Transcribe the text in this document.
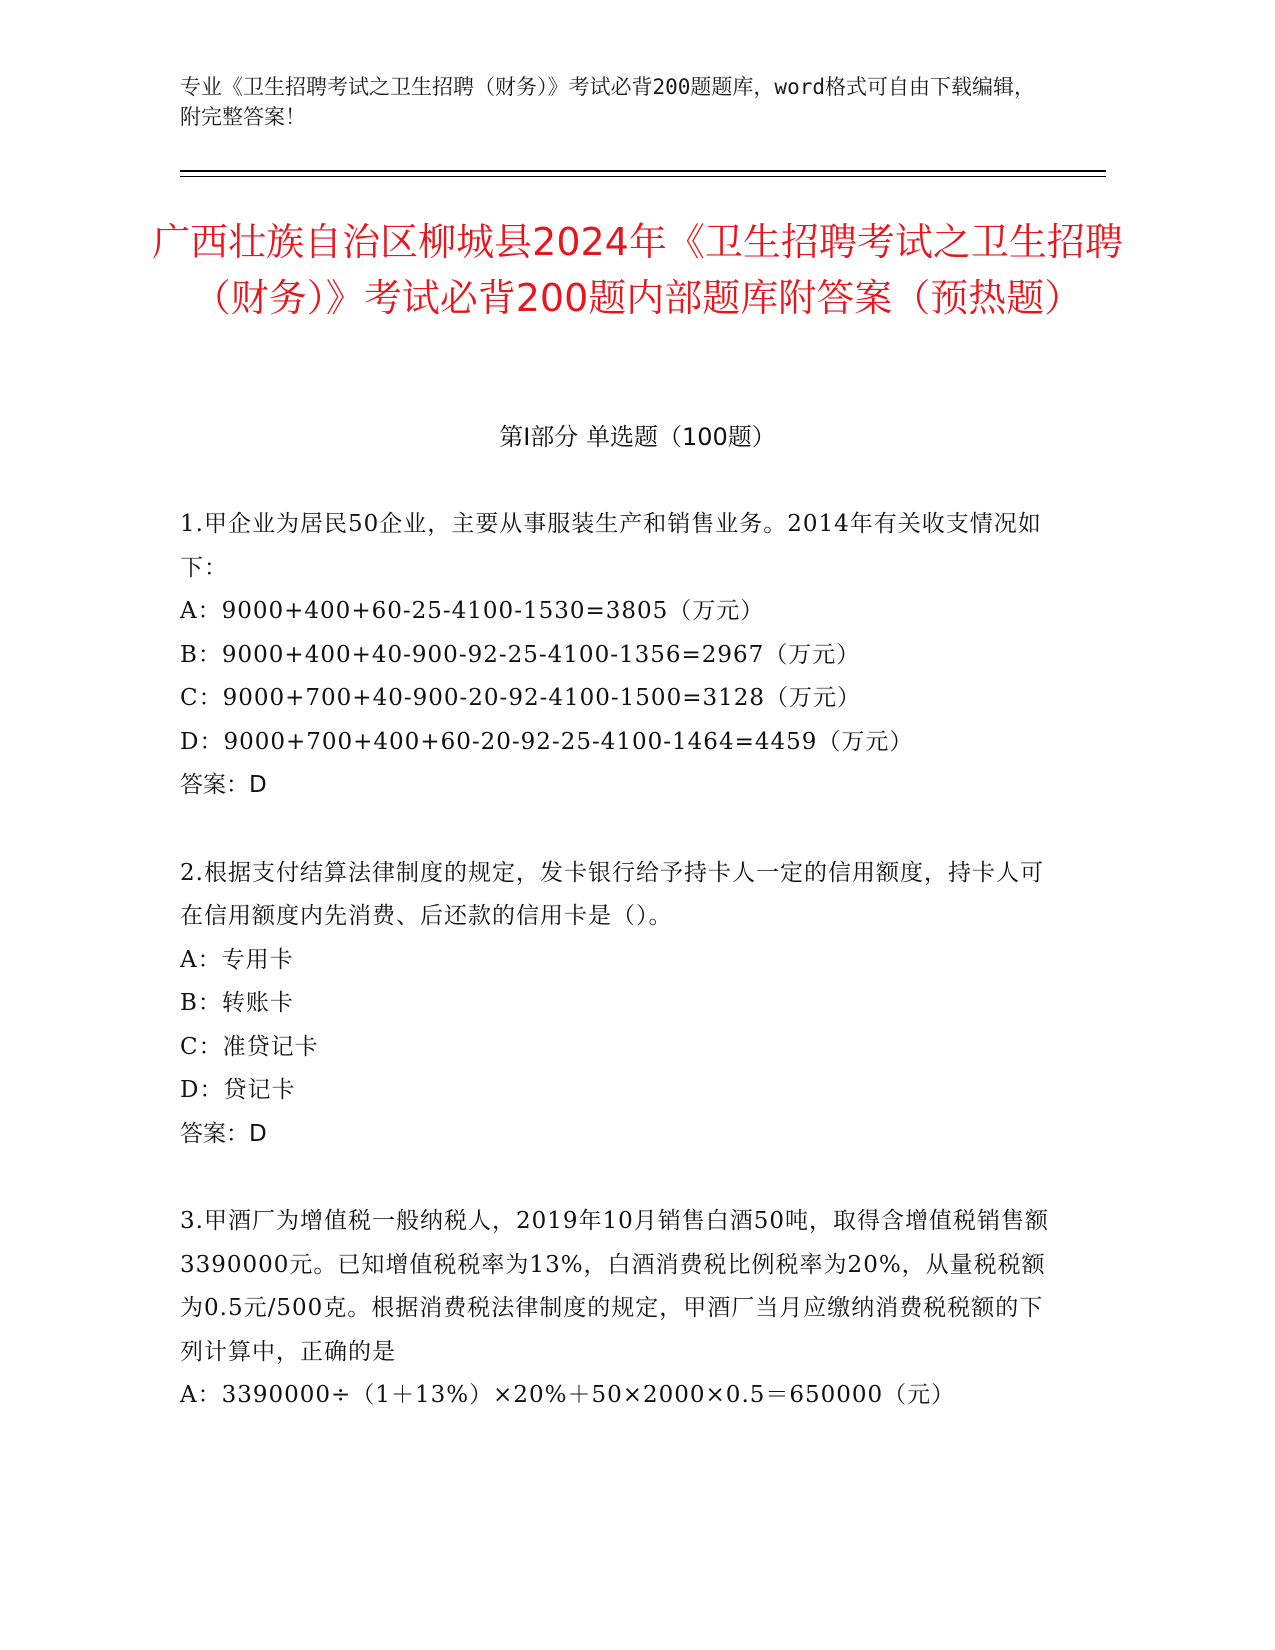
专业《卫生招聘考试之卫生招聘（财务）》考试必背200题题库，word格式可自由下载编辑，附完整答案！
广西壮族自治区柳城县2024年《卫生招聘考试之卫生招聘（财务）》考试必背200题内部题库附答案（预热题）
第Ⅰ部分 单选题（100题）

1.甲企业为居民50企业，主要从事服装生产和销售业务。2014年有关收支情况如下：

A：9000+400+60-25-4100-1530=3805（万元）

B：9000+400+40-900-92-25-4100-1356=2967（万元）

C：9000+700+40-900-20-92-4100-1500=3128（万元）

D：9000+700+400+60-20-92-25-4100-1464=4459（万元）

答案：D

2.根据支付结算法律制度的规定，发卡银行给予持卡人一定的信用额度，持卡人可在信用额度内先消费、后还款的信用卡是（）。

A：专用卡

B：转账卡

C：准贷记卡

D：贷记卡

答案：D

3.甲酒厂为增值税一般纳税人，2019年10月销售白酒50吨，取得含增值税销售额3390000元。已知增值税税率为13%，白酒消费税比例税率为20%，从量税税额为0.5元/500克。根据消费税法律制度的规定，甲酒厂当月应缴纳消费税税额的下列计算中，正确的是

A：3390000÷（1＋13%）×20%＋50×2000×0.5＝650000（元）
